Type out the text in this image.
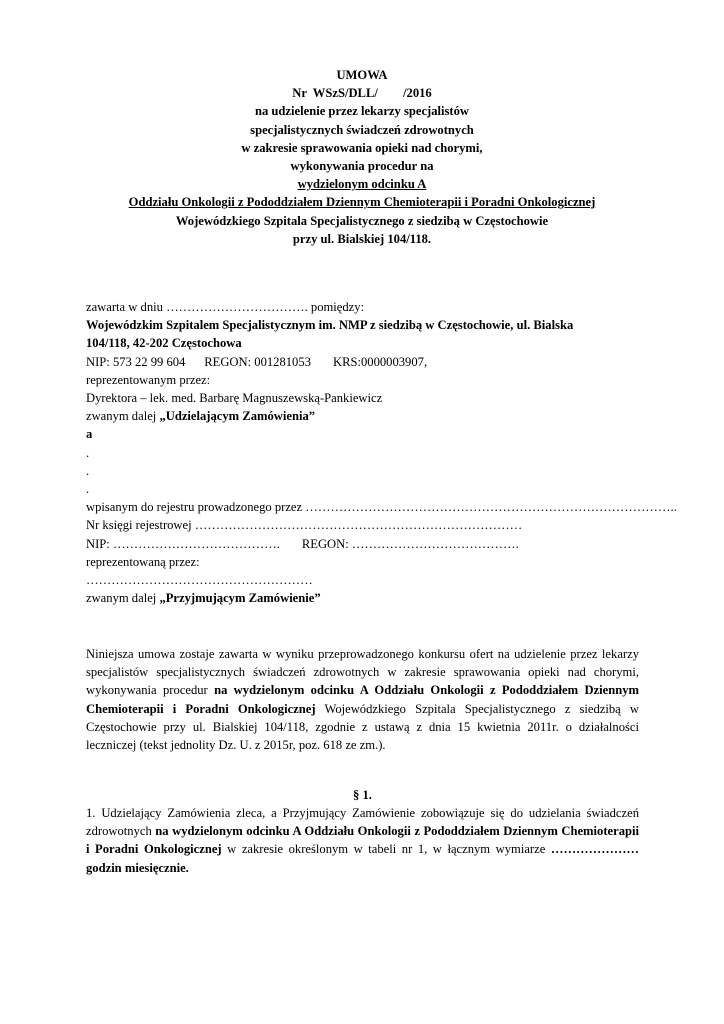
UMOWA
Nr  WSzS/DLL/        /2016
na udzielenie przez lekarzy specjalistów
specjalistycznych świadczeń zdrowotnych
w zakresie sprawowania opieki nad chorymi,
wykonywania procedur na
wydzielonym odcinku A
Oddziału Onkologii z Pododdziałem Dziennym Chemioterapii i Poradni Onkologicznej
Wojewódzkiego Szpitala Specjalistycznego z siedzibą w Częstochowie
przy ul. Bialskiej 104/118.
zawarta w dniu ……………………………. pomiędzy:
Wojewódzkim Szpitalem Specjalistycznym im. NMP z siedzibą w Częstochowie, ul. Bialska
104/118, 42-202 Częstochowa
NIP: 573 22 99 604      REGON: 001281053       KRS:0000003907,
reprezentowanym przez:
Dyrektora – lek. med. Barbarę Magnuszewską-Pankiewicz
zwanym dalej „Udzielającym Zamówienia”
a
.
.
.
wpisanym do rejestru prowadzonego przez ……………………………………………………………………………..
Nr księgi rejestrowej ……………………………………………………………………
NIP: ………………………………….       REGON: ………………………………….
reprezentowaną przez:
………………………………………………
zwanym dalej „Przyjmującym Zamówienie”
Niniejsza umowa zostaje zawarta w wyniku przeprowadzonego konkursu ofert na udzielenie przez lekarzy specjalistów specjalistycznych świadczeń zdrowotnych w zakresie sprawowania opieki nad chorymi, wykonywania procedur na wydzielonym odcinku A Oddziału Onkologii z Pododdziałem Dziennym Chemioterapii i Poradni Onkologicznej Wojewódzkiego Szpitala Specjalistycznego z siedzibą w Częstochowie przy ul. Bialskiej 104/118, zgodnie z ustawą z dnia 15 kwietnia 2011r. o działalności leczniczej (tekst jednolity Dz. U. z 2015r, poz. 618 ze zm.).
§ 1.
1. Udzielający Zamówienia zleca, a Przyjmujący Zamówienie zobowiązuje się do udzielania świadczeń zdrowotnych na wydzielonym odcinku A Oddziału Onkologii z Pododdziałem Dziennym Chemioterapii i Poradni Onkologicznej w zakresie określonym w tabeli nr 1, w łącznym wymiarze ………………… godzin miesięcznie.
